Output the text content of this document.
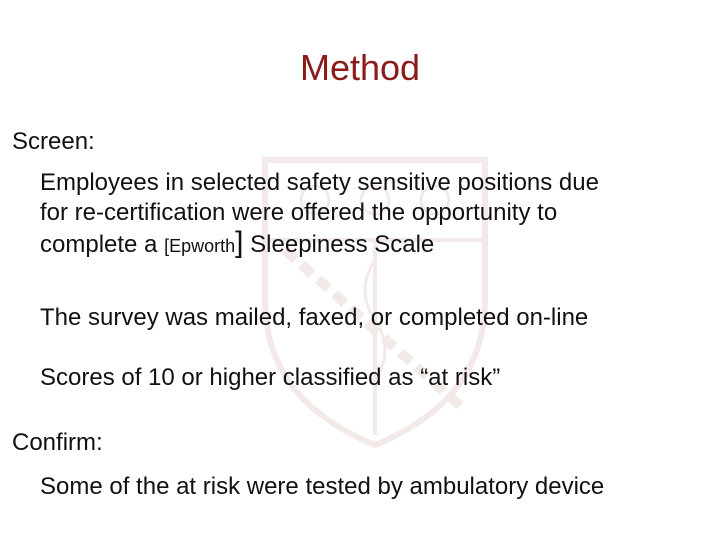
Method
Screen:
Employees in selected safety sensitive positions due
for re-certification were offered the opportunity to
complete a [Epworth] Sleepiness Scale
The survey was mailed, faxed, or completed on-line
Scores of 10 or higher classified as “at risk”
Confirm:
Some of the at risk were tested by ambulatory device
